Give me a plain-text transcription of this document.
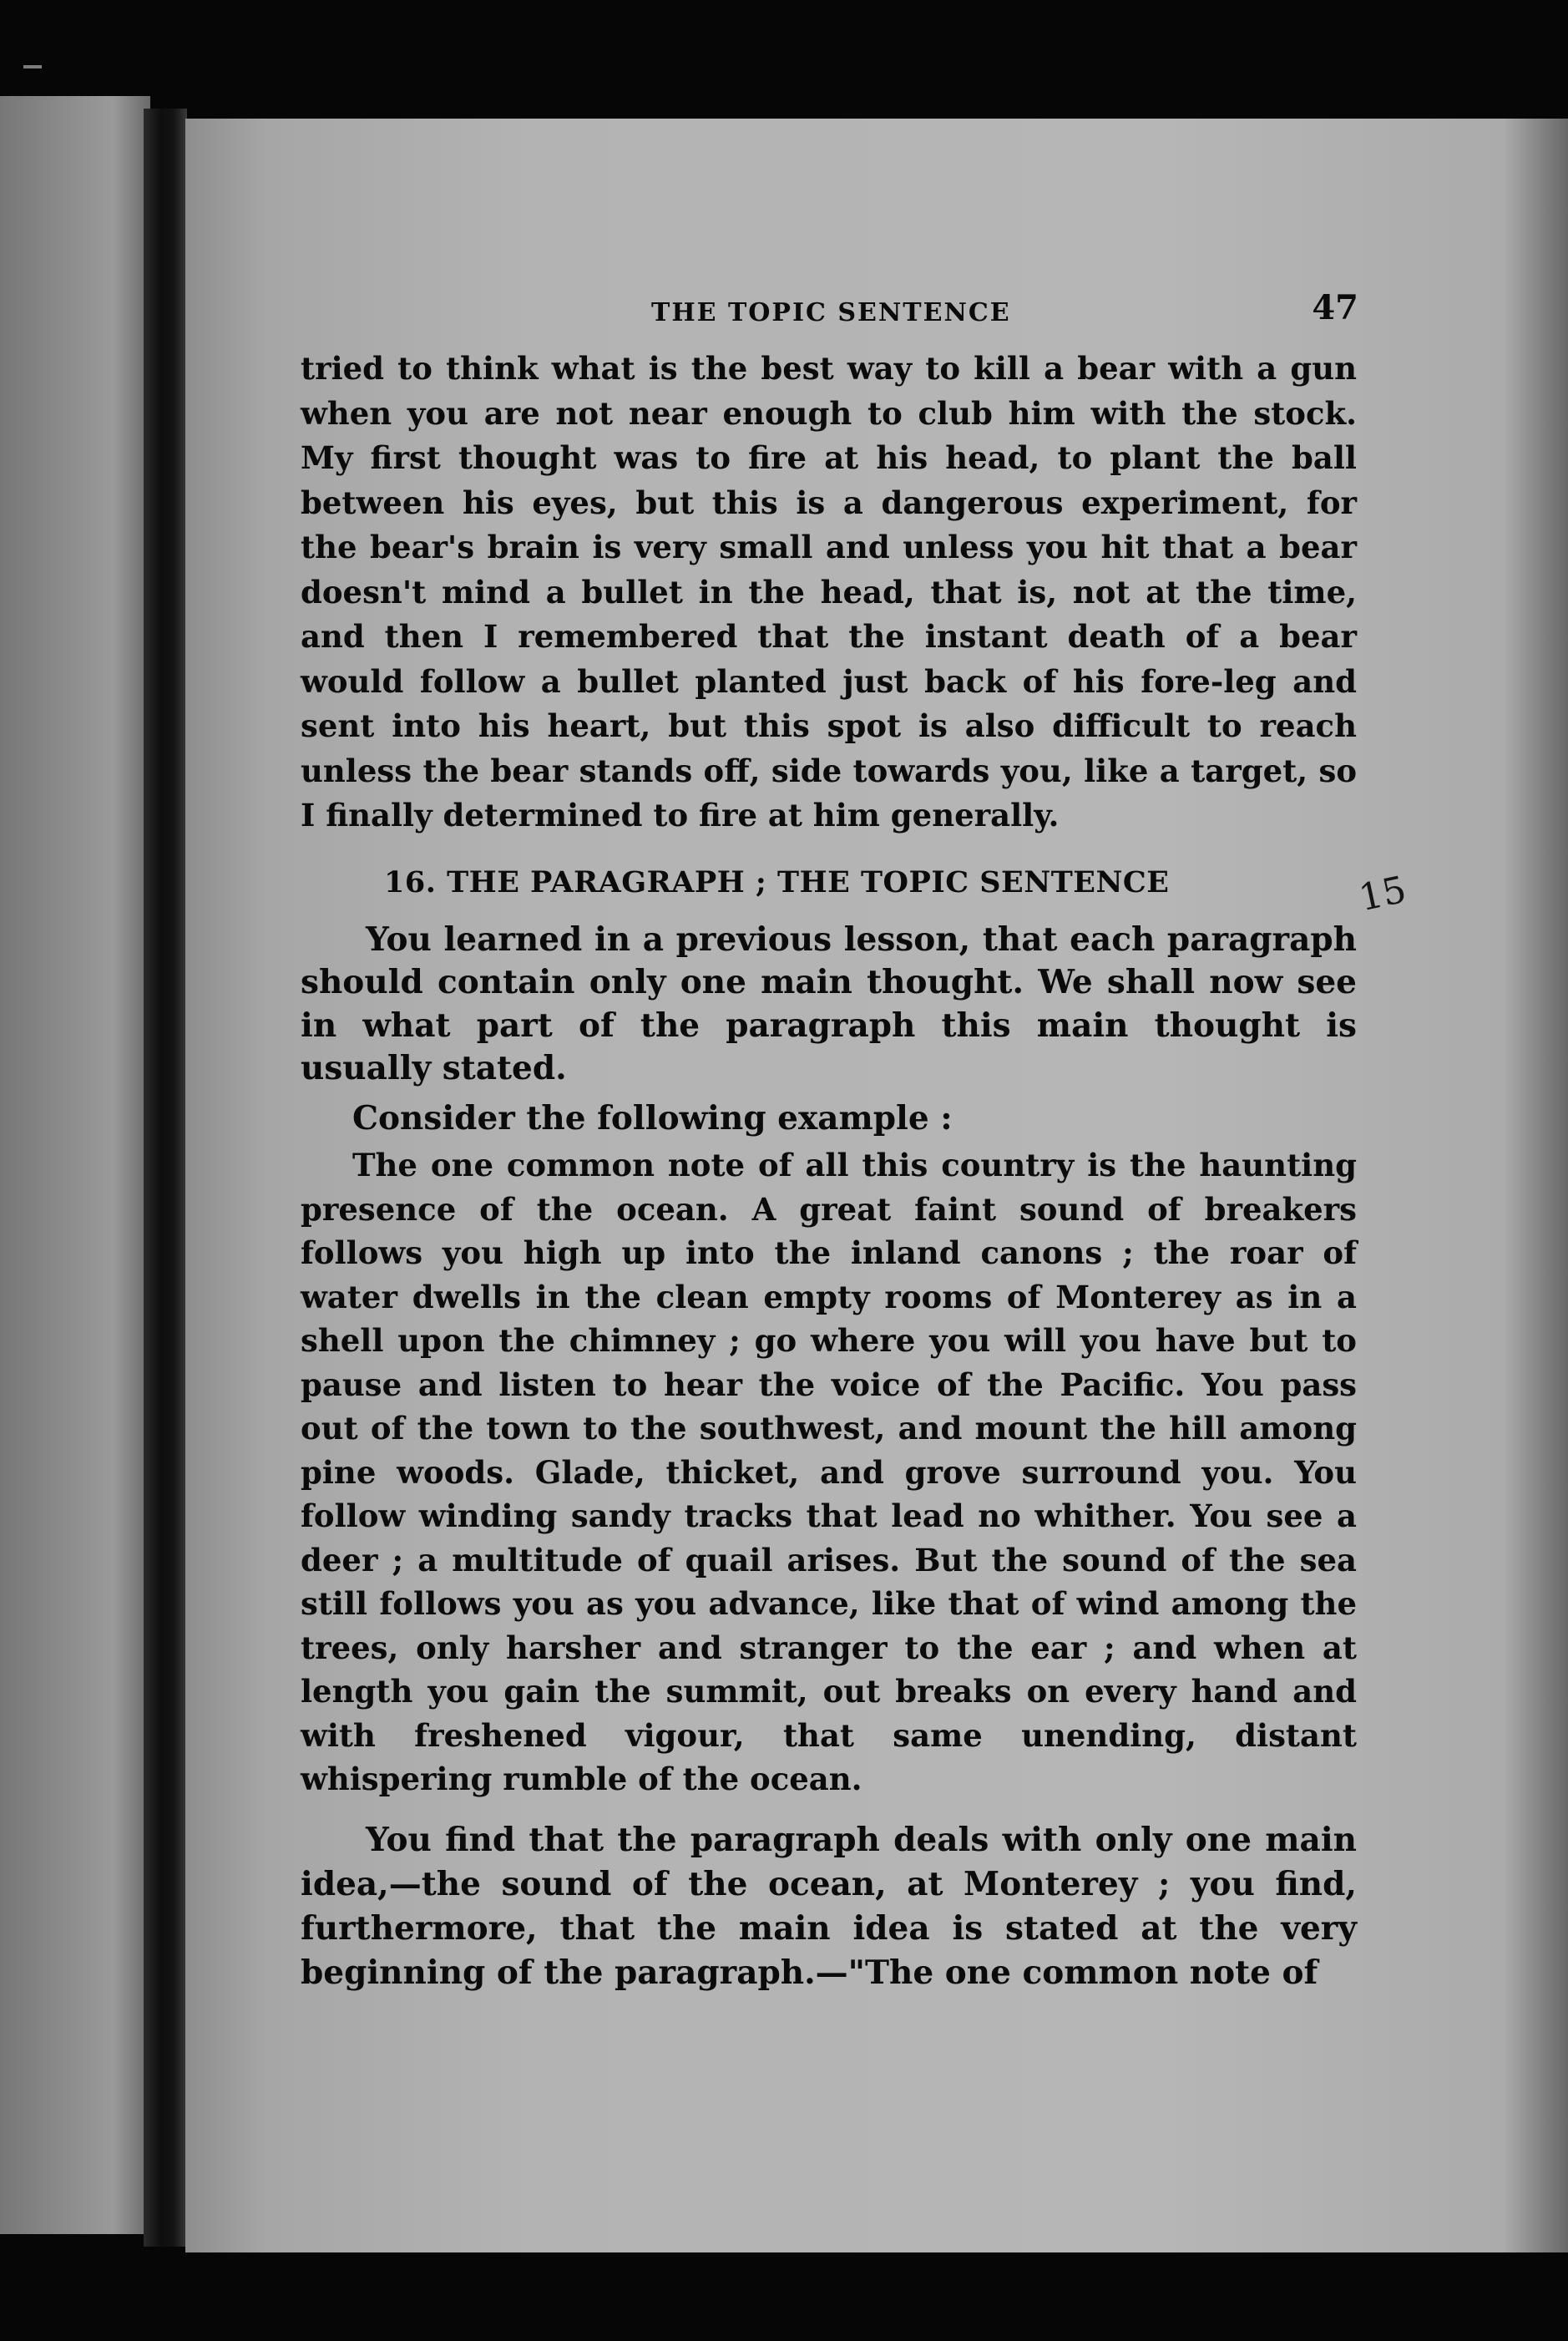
THE TOPIC SENTENCE	47

tried to think what is the best way to kill a bear with a gun when you are not near enough to club him with the stock. My first thought was to fire at his head, to plant the ball between his eyes, but this is a dangerous experiment, for the bear's brain is very small and unless you hit that a bear doesn't mind a bullet in the head, that is, not at the time, and then I remembered that the instant death of a bear would follow a bullet planted just back of his fore-leg and sent into his heart, but this spot is also difficult to reach unless the bear stands off, side towards you, like a target, so I finally determined to fire at him generally.

16. THE PARAGRAPH ; THE TOPIC SENTENCE

You learned in a previous lesson, that each paragraph should contain only one main thought. We shall now see in what part of the paragraph this main thought is usually stated.

Consider the following example :

The one common note of all this country is the haunting presence of the ocean. A great faint sound of breakers follows you high up into the inland canons ; the roar of water dwells in the clean empty rooms of Monterey as in a shell upon the chimney ; go where you will you have but to pause and listen to hear the voice of the Pacific. You pass out of the town to the southwest, and mount the hill among pine woods. Glade, thicket, and grove surround you. You follow winding sandy tracks that lead no whither. You see a deer ; a multitude of quail arises. But the sound of the sea still follows you as you advance, like that of wind among the trees, only harsher and stranger to the ear ; and when at length you gain the summit, out breaks on every hand and with freshened vigour, that same unending, distant whispering rumble of the ocean.

You find that the paragraph deals with only one main idea,—the sound of the ocean, at Monterey ; you find, furthermore, that the main idea is stated at the very beginning of the paragraph.—"The one common note of

15
